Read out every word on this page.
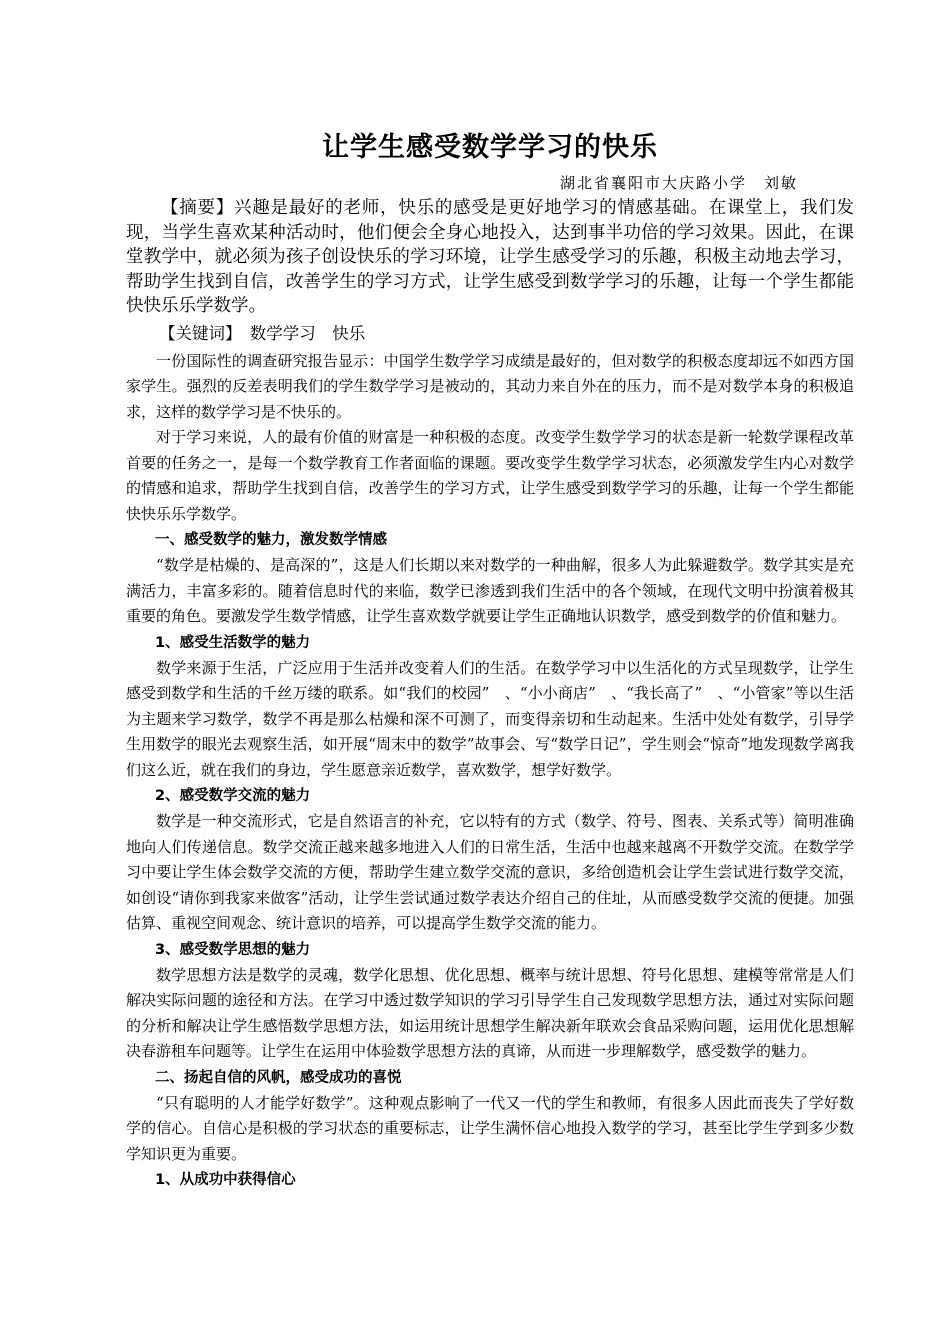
让学生感受数学学习的快乐

湖北省襄阳市大庆路小学　刘敏

【摘要】兴趣是最好的老师，快乐的感受是更好地学习的情感基础。在课堂上，我们发现，当学生喜欢某种活动时，他们便会全身心地投入，达到事半功倍的学习效果。因此，在课堂教学中，就必须为孩子创设快乐的学习环境，让学生感受学习的乐趣，积极主动地去学习，帮助学生找到自信，改善学生的学习方式，让学生感受到数学学习的乐趣，让每一个学生都能快快乐乐学数学。

【关键词】　数学学习　快乐

一份国际性的调查研究报告显示：中国学生数学学习成绩是最好的，但对数学的积极态度却远不如西方国家学生。强烈的反差表明我们的学生数学学习是被动的，其动力来自外在的压力，而不是对数学本身的积极追求，这样的数学学习是不快乐的。

对于学习来说，人的最有价值的财富是一种积极的态度。改变学生数学学习的状态是新一轮数学课程改革首要的任务之一，是每一个数学教育工作者面临的课题。要改变学生数学学习状态，必须激发学生内心对数学的情感和追求，帮助学生找到自信，改善学生的学习方式，让学生感受到数学学习的乐趣，让每一个学生都能快快乐乐学数学。

一、感受数学的魅力，激发数学情感

“数学是枯燥的、是高深的”，这是人们长期以来对数学的一种曲解，很多人为此躲避数学。数学其实是充满活力，丰富多彩的。随着信息时代的来临，数学已渗透到我们生活中的各个领域，在现代文明中扮演着极其重要的角色。要激发学生数学情感，让学生喜欢数学就要让学生正确地认识数学，感受到数学的价值和魅力。

1、感受生活数学的魅力

数学来源于生活，广泛应用于生活并改变着人们的生活。在数学学习中以生活化的方式呈现数学，让学生感受到数学和生活的千丝万缕的联系。如“我们的校园”　、“小小商店”　、“我长高了”　、“小管家”等以生活为主题来学习数学，数学不再是那么枯燥和深不可测了，而变得亲切和生动起来。生活中处处有数学，引导学生用数学的眼光去观察生活，如开展“周末中的数学”故事会、写“数学日记”，学生则会“惊奇”地发现数学离我们这么近，就在我们的身边，学生愿意亲近数学，喜欢数学，想学好数学。

2、感受数学交流的魅力

数学是一种交流形式，它是自然语言的补充，它以特有的方式（数学、符号、图表、关系式等）简明准确地向人们传递信息。数学交流正越来越多地进入人们的日常生活，生活中也越来越离不开数学交流。在数学学习中要让学生体会数学交流的方便，帮助学生建立数学交流的意识，多给创造机会让学生尝试进行数学交流，如创设“请你到我家来做客”活动，让学生尝试通过数学表达介绍自己的住址，从而感受数学交流的便捷。加强估算、重视空间观念、统计意识的培养，可以提高学生数学交流的能力。

3、感受数学思想的魅力

数学思想方法是数学的灵魂，数学化思想、优化思想、概率与统计思想、符号化思想、建模等常常是人们解决实际问题的途径和方法。在学习中透过数学知识的学习引导学生自己发现数学思想方法，通过对实际问题的分析和解决让学生感悟数学思想方法，如运用统计思想学生解决新年联欢会食品采购问题，运用优化思想解决春游租车问题等。让学生在运用中体验数学思想方法的真谛，从而进一步理解数学，感受数学的魅力。

二、扬起自信的风帆，感受成功的喜悦

“只有聪明的人才能学好数学”。这种观点影响了一代又一代的学生和教师，有很多人因此而丧失了学好数学的信心。自信心是积极的学习状态的重要标志，让学生满怀信心地投入数学的学习，甚至比学生学到多少数学知识更为重要。

1、从成功中获得信心
